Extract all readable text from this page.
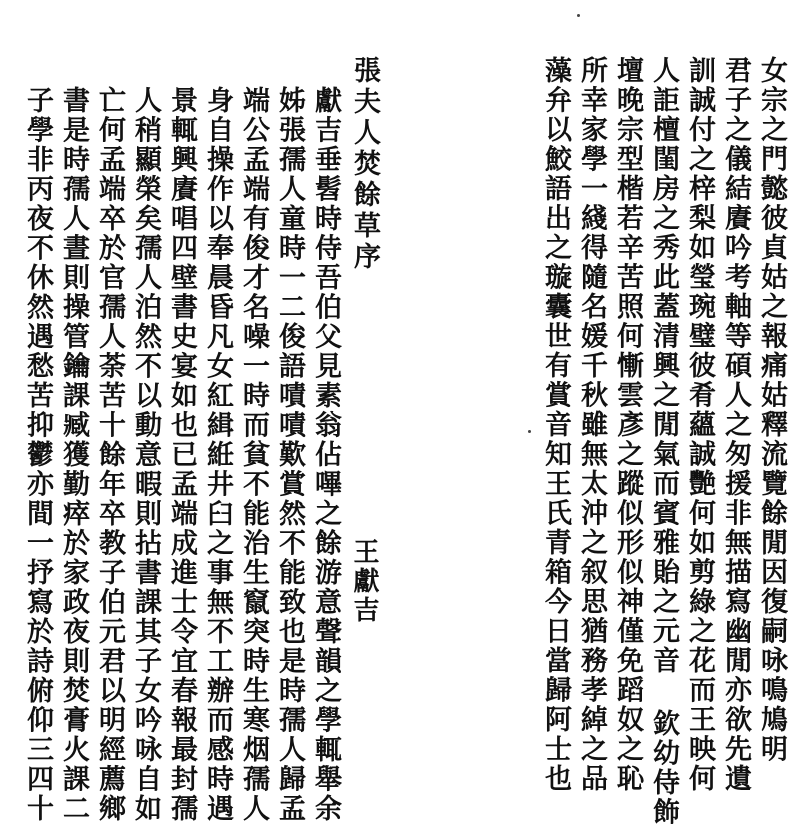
張夫人焚餘草序
獻吉垂髫時侍吾伯父見素翁佔嗶之餘游意聲韻之學輒舉余
姊張孺人童時一二俊語嘖嘖歎賞然不能致也是時孺人歸孟
端公孟端有俊才名噪一時而貧不能治生竄突時生寒烟孺人
身自操作以奉晨昏凡女紅緝絍井臼之事無不工辦而感時遇
景輒興賡唱四壁書史宴如也已孟端成進士令宜春報最封孺
人稍顯榮矣孺人泊然不以動意暇則拈書課其子女吟咏自如
亡何孟端卒於官孺人荼苦十餘年卒教子伯元君以明經薦鄉
書是時孺人晝則操管鑰課臧獲勤瘁於家政夜則焚膏火課二
子學非丙夜不休然遇愁苦抑鬱亦間一抒寫於詩俯仰三四十	王獻吉	女宗之門懿彼貞姑之報痛姑釋流覽餘閒因復嗣咏鳴鳩明
君子之儀結賡吟考軸等碩人之匆援非無描寫幽閒亦欲先遺
訓誠付之梓梨如瑩琬璧彼肴蘊誠艷何如剪綠之花而王映何
人詎檀閨房之秀此蓋清興之閒氣而賓雅貽之元音 欽幼侍飾
壇晚宗型楷若辛苦照何慚雲彥之蹤似形似神僅免蹈奴之恥
所幸家學一綫得隨名媛千秋雖無太沖之叙思猶務孝綽之品
藻弁以鮫語出之璇囊世有賞音知王氏青箱今日當歸阿士也
